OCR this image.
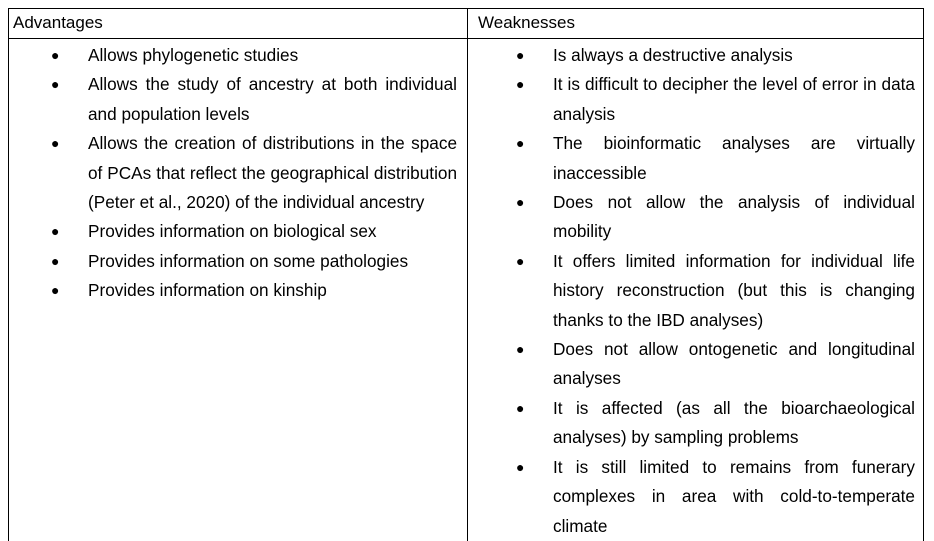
Advantages	Weaknesses
● Allows phylogenetic studies
● Allows the study of ancestry at both individual and population levels
● Allows the creation of distributions in the space of PCAs that reflect the geographical distribution (Peter et al., 2020) of the individual ancestry
● Provides information on biological sex
● Provides information on some pathologies
● Provides information on kinship
● Is always a destructive analysis
● It is difficult to decipher the level of error in data analysis
● The bioinformatic analyses are virtually inaccessible
● Does not allow the analysis of individual mobility
● It offers limited information for individual life history reconstruction (but this is changing thanks to the IBD analyses)
● Does not allow ontogenetic and longitudinal analyses
● It is affected (as all the bioarchaeological analyses) by sampling problems
● It is still limited to remains from funerary complexes in area with cold-to-temperate climate
